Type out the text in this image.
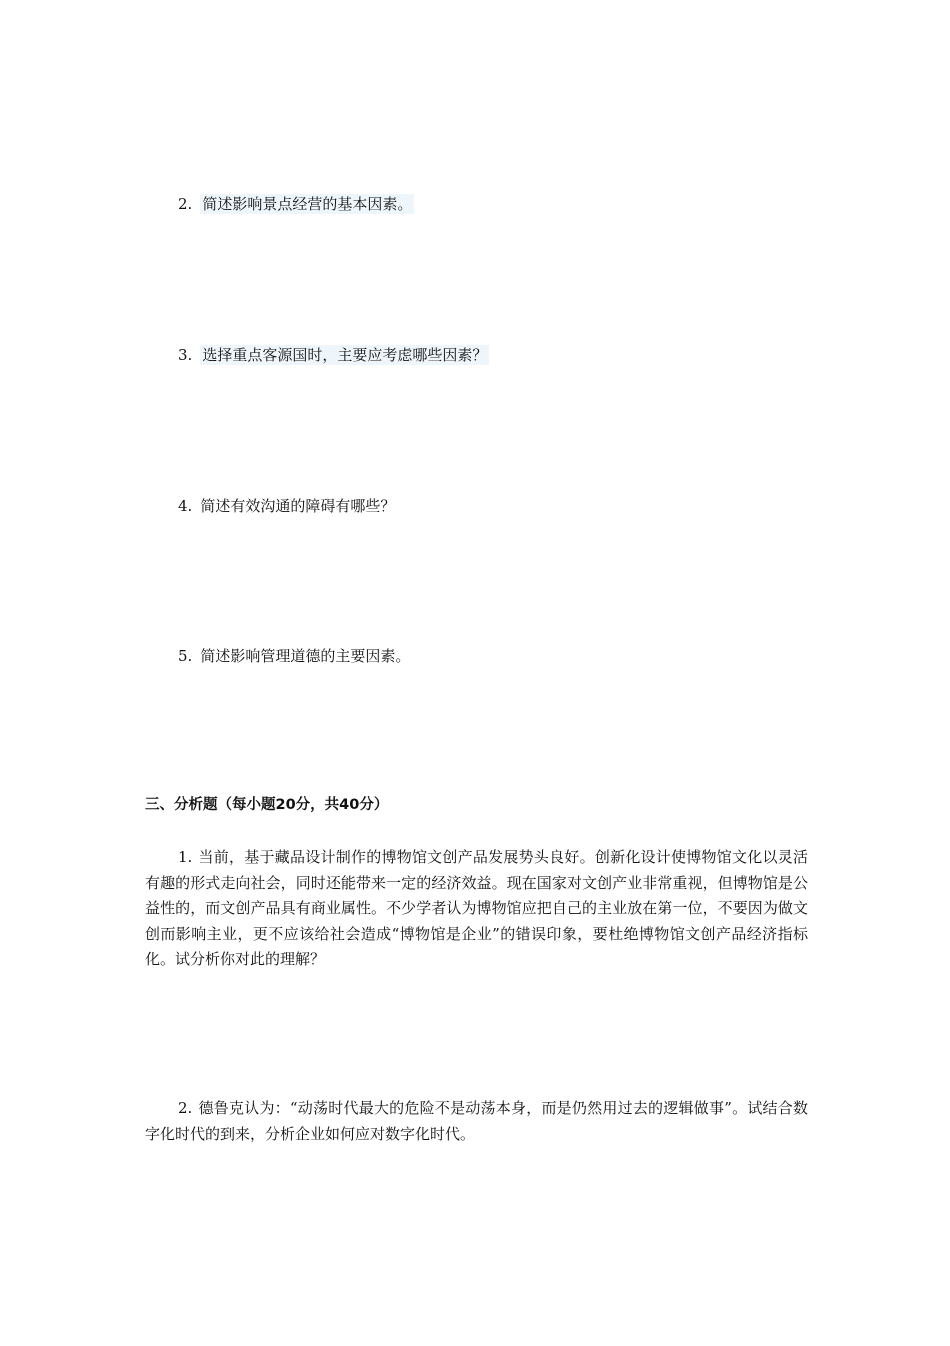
2. 简述影响景点经营的基本因素。
3. 选择重点客源国时，主要应考虑哪些因素？
4. 简述有效沟通的障碍有哪些？
5. 简述影响管理道德的主要因素。
三、分析题（每小题20分，共40分）
1. 当前，基于藏品设计制作的博物馆文创产品发展势头良好。创新化设计使博物馆文化以灵活有趣的形式走向社会，同时还能带来一定的经济效益。现在国家对文创产业非常重视，但博物馆是公益性的，而文创产品具有商业属性。不少学者认为博物馆应把自己的主业放在第一位，不要因为做文创而影响主业，更不应该给社会造成“博物馆是企业”的错误印象，要杜绝博物馆文创产品经济指标化。试分析你对此的理解？
2. 德鲁克认为：“动荡时代最大的危险不是动荡本身，而是仍然用过去的逻辑做事”。试结合数字化时代的到来，分析企业如何应对数字化时代。
